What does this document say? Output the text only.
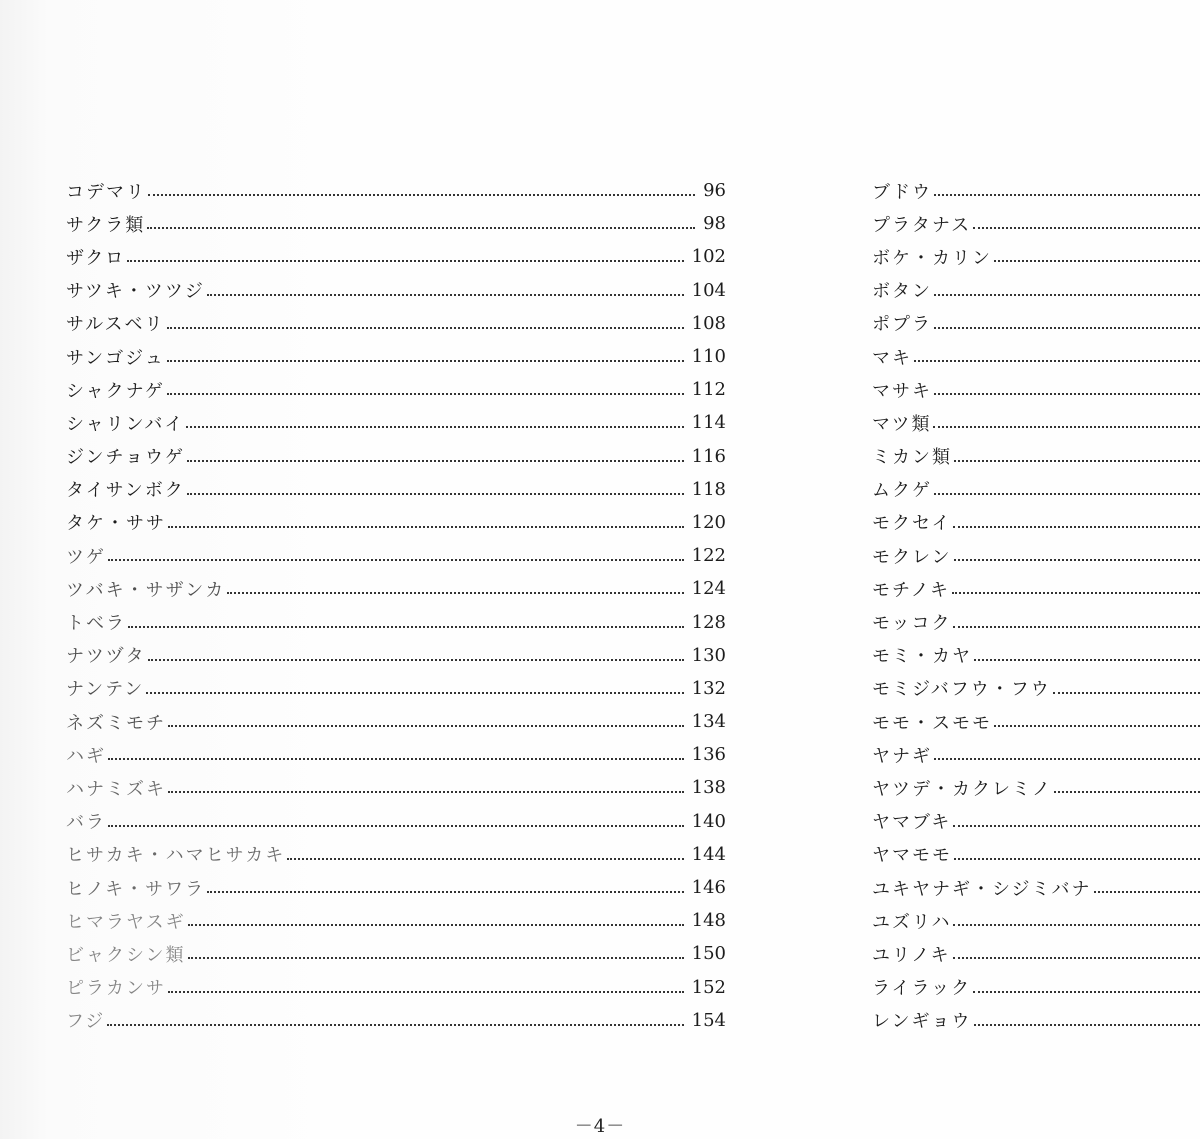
コデマリ	96
サクラ類	98
ザクロ	102
サツキ・ツツジ	104
サルスベリ	108
サンゴジュ	110
シャクナゲ	112
シャリンバイ	114
ジンチョウゲ	116
タイサンボク	118
タケ・ササ	120
ツゲ	122
ツバキ・サザンカ	124
トベラ	128
ナツヅタ	130
ナンテン	132
ネズミモチ	134
ハギ	136
ハナミズキ	138
バラ	140
ヒサカキ・ハマヒサカキ	144
ヒノキ・サワラ	146
ヒマラヤスギ	148
ビャクシン類	150
ピラカンサ	152
フジ	154
ブドウ
プラタナス
ボケ・カリン
ボタン
ポプラ
マキ
マサキ
マツ類
ミカン類
ムクゲ
モクセイ
モクレン
モチノキ
モッコク
モミ・カヤ
モミジバフウ・フウ
モモ・スモモ
ヤナギ
ヤツデ・カクレミノ
ヤマブキ
ヤマモモ
ユキヤナギ・シジミバナ
ユズリハ
ユリノキ
ライラック
レンギョウ
－4－
